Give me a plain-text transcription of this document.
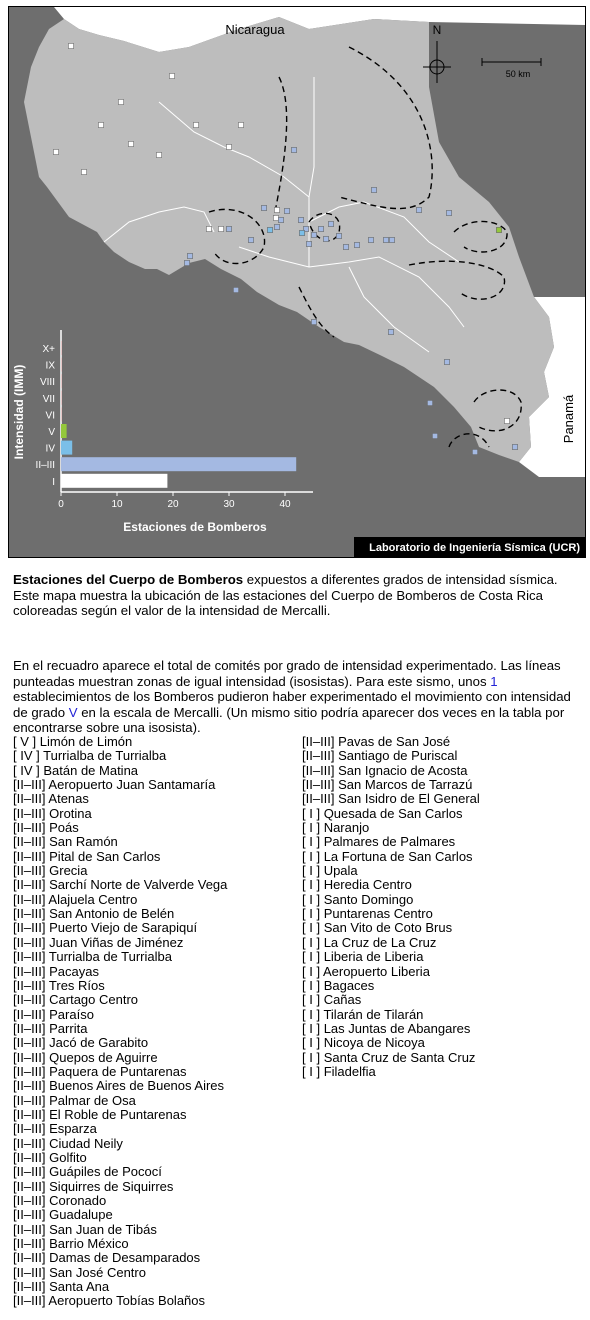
Nicaragua
Panamá
N
50 km
X+
IX
VIII
VII
VI
V
IV
II–III
I
0	10	20	30	40
Estaciones de Bomberos
Intensidad (IMM)
Laboratorio de Ingeniería Sísmica (UCR)

Estaciones del Cuerpo de Bomberos expuestos a diferentes grados de intensidad sísmica. Este mapa muestra la ubicación de las estaciones del Cuerpo de Bomberos de Costa Rica coloreadas según el valor de la intensidad de Mercalli.

En el recuadro aparece el total de comités por grado de intensidad experimentado. Las líneas punteadas muestran zonas de igual intensidad (isosistas). Para este sismo, unos 1 establecimientos de los Bomberos pudieron haber experimentado el movimiento con intensidad de grado V en la escala de Mercalli. (Un mismo sitio podría aparecer dos veces en la tabla por encontrarse sobre una isosista).

[ V ] Limón de Limón
[ IV ] Turrialba de Turrialba
[ IV ] Batán de Matina
[II–III] Aeropuerto Juan Santamaría
[II–III] Atenas
[II–III] Orotina
[II–III] Poás
[II–III] San Ramón
[II–III] Pital de San Carlos
[II–III] Grecia
[II–III] Sarchí Norte de Valverde Vega
[II–III] Alajuela Centro
[II–III] San Antonio de Belén
[II–III] Puerto Viejo de Sarapiquí
[II–III] Juan Viñas de Jiménez
[II–III] Turrialba de Turrialba
[II–III] Pacayas
[II–III] Tres Ríos
[II–III] Cartago Centro
[II–III] Paraíso
[II–III] Parrita
[II–III] Jacó de Garabito
[II–III] Quepos de Aguirre
[II–III] Paquera de Puntarenas
[II–III] Buenos Aires de Buenos Aires
[II–III] Palmar de Osa
[II–III] El Roble de Puntarenas
[II–III] Esparza
[II–III] Ciudad Neily
[II–III] Golfito
[II–III] Guápiles de Pococí
[II–III] Siquirres de Siquirres
[II–III] Coronado
[II–III] Guadalupe
[II–III] San Juan de Tibás
[II–III] Barrio México
[II–III] Damas de Desamparados
[II–III] San José Centro
[II–III] Santa Ana
[II–III] Aeropuerto Tobías Bolaños
[II–III] Pavas de San José
[II–III] Santiago de Puriscal
[II–III] San Ignacio de Acosta
[II–III] San Marcos de Tarrazú
[II–III] San Isidro de El General
[ I ] Quesada de San Carlos
[ I ] Naranjo
[ I ] Palmares de Palmares
[ I ] La Fortuna de San Carlos
[ I ] Upala
[ I ] Heredia Centro
[ I ] Santo Domingo
[ I ] Puntarenas Centro
[ I ] San Vito de Coto Brus
[ I ] La Cruz de La Cruz
[ I ] Liberia de Liberia
[ I ] Aeropuerto Liberia
[ I ] Bagaces
[ I ] Cañas
[ I ] Tilarán de Tilarán
[ I ] Las Juntas de Abangares
[ I ] Nicoya de Nicoya
[ I ] Santa Cruz de Santa Cruz
[ I ] Filadelfia
